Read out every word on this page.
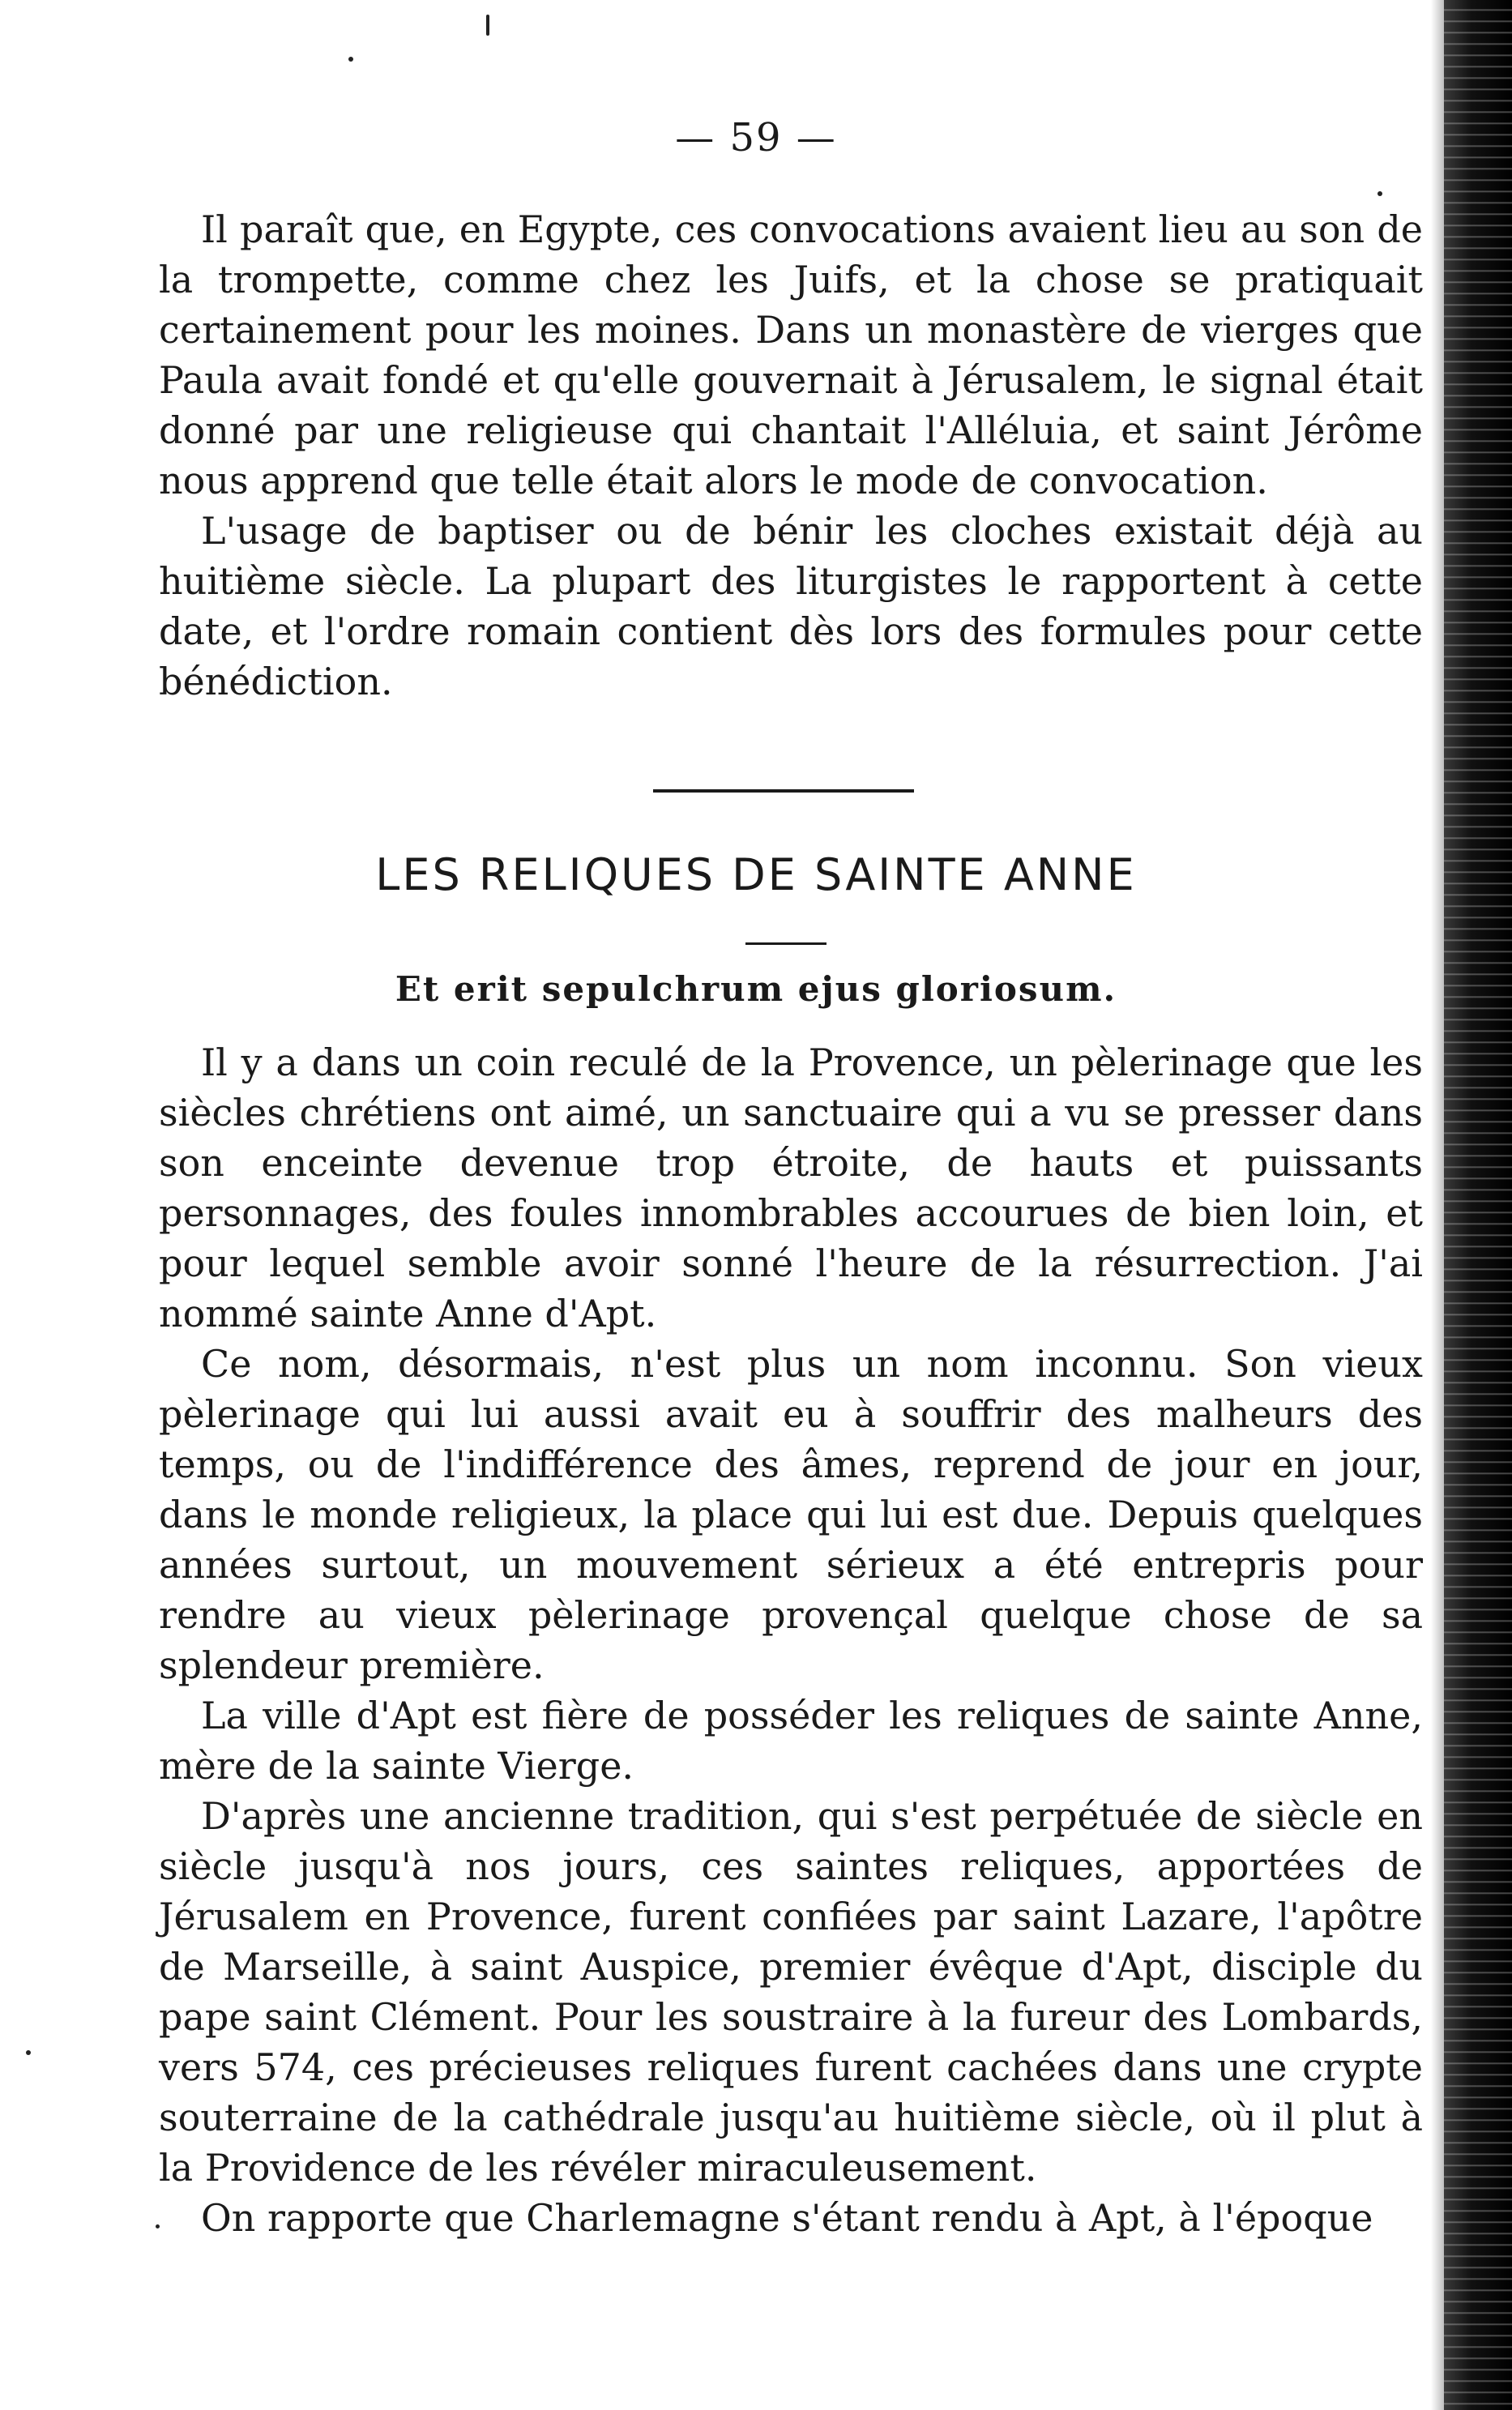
— 59 —

Il paraît que, en Egypte, ces convocations avaient lieu au son de la trompette, comme chez les Juifs, et la chose se pratiquait certainement pour les moines. Dans un monastère de vierges que Paula avait fondé et qu'elle gouvernait à Jérusalem, le signal était donné par une religieuse qui chantait l'Alléluia, et saint Jérôme nous apprend que telle était alors le mode de convocation.

L'usage de baptiser ou de bénir les cloches existait déjà au huitième siècle. La plupart des liturgistes le rapportent à cette date, et l'ordre romain contient dès lors des formules pour cette bénédiction.

LES RELIQUES DE SAINTE ANNE
Et erit sepulchrum ejus gloriosum.

Il y a dans un coin reculé de la Provence, un pèlerinage que les siècles chrétiens ont aimé, un sanctuaire qui a vu se presser dans son enceinte devenue trop étroite, de hauts et puissants personnages, des foules innombrables accourues de bien loin, et pour lequel semble avoir sonné l'heure de la résurrection. J'ai nommé sainte Anne d'Apt.

Ce nom, désormais, n'est plus un nom inconnu. Son vieux pèlerinage qui lui aussi avait eu à souffrir des malheurs des temps, ou de l'indifférence des âmes, reprend de jour en jour, dans le monde religieux, la place qui lui est due. Depuis quelques années surtout, un mouvement sérieux a été entrepris pour rendre au vieux pèlerinage provençal quelque chose de sa splendeur première.

La ville d'Apt est fière de posséder les reliques de sainte Anne, mère de la sainte Vierge.

D'après une ancienne tradition, qui s'est perpétuée de siècle en siècle jusqu'à nos jours, ces saintes reliques, apportées de Jérusalem en Provence, furent confiées par saint Lazare, l'apôtre de Marseille, à saint Auspice, premier évêque d'Apt, disciple du pape saint Clément. Pour les soustraire à la fureur des Lombards, vers 574, ces précieuses reliques furent cachées dans une crypte souterraine de la cathédrale jusqu'au huitième siècle, où il plut à la Providence de les révéler miraculeusement.

On rapporte que Charlemagne s'étant rendu à Apt, à l'époque
